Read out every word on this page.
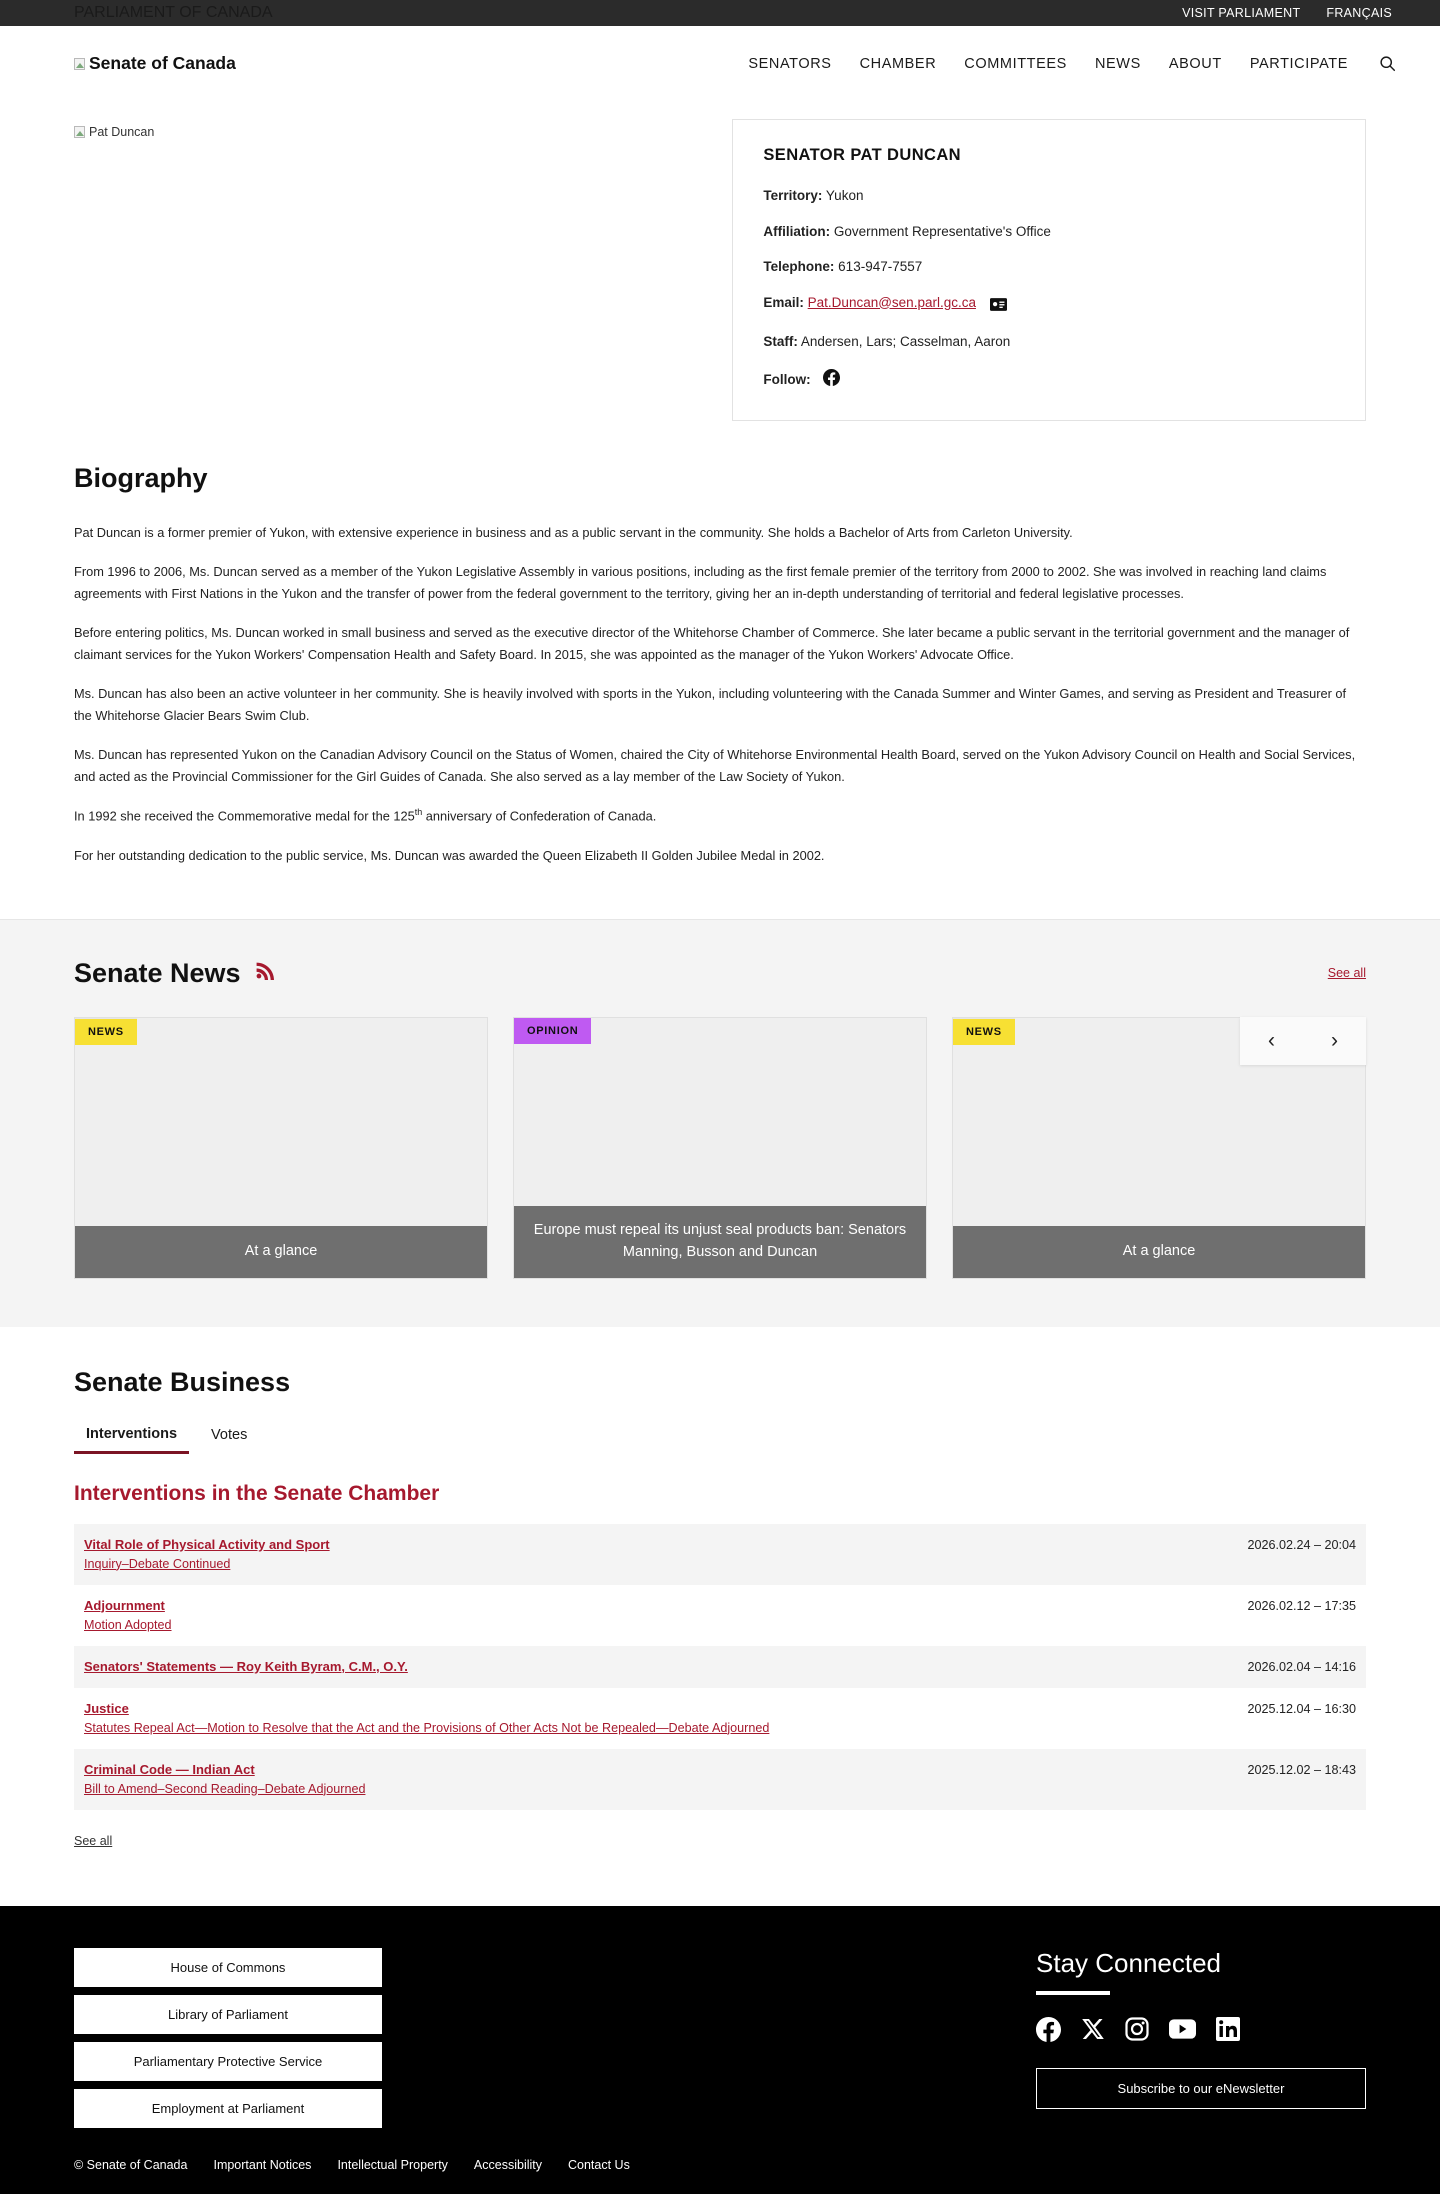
PARLIAMENT OF CANADA	VISIT PARLIAMENT FRANÇAIS
Senate of Canada	SENATORS	CHAMBER	COMMITTEES	NEWS	ABOUT	PARTICIPATE
Pat Duncan
SENATOR PAT DUNCAN
Territory: Yukon
Affiliation: Government Representative's Office
Telephone: 613-947-7557
Email: Pat.Duncan@sen.parl.gc.ca
Staff: Andersen, Lars; Casselman, Aaron
Follow:
Biography

Pat Duncan is a former premier of Yukon, with extensive experience in business and as a public servant in the community. She holds a Bachelor of Arts from Carleton University.

From 1996 to 2006, Ms. Duncan served as a member of the Yukon Legislative Assembly in various positions, including as the first female premier of the territory from 2000 to 2002. She was involved in reaching land claims agreements with First Nations in the Yukon and the transfer of power from the federal government to the territory, giving her an in-depth understanding of territorial and federal legislative processes.

Before entering politics, Ms. Duncan worked in small business and served as the executive director of the Whitehorse Chamber of Commerce. She later became a public servant in the territorial government and the manager of claimant services for the Yukon Workers' Compensation Health and Safety Board. In 2015, she was appointed as the manager of the Yukon Workers' Advocate Office.

Ms. Duncan has also been an active volunteer in her community. She is heavily involved with sports in the Yukon, including volunteering with the Canada Summer and Winter Games, and serving as President and Treasurer of the Whitehorse Glacier Bears Swim Club.

Ms. Duncan has represented Yukon on the Canadian Advisory Council on the Status of Women, chaired the City of Whitehorse Environmental Health Board, served on the Yukon Advisory Council on Health and Social Services, and acted as the Provincial Commissioner for the Girl Guides of Canada. She also served as a lay member of the Law Society of Yukon.

In 1992 she received the Commemorative medal for the 125th anniversary of Confederation of Canada.

For her outstanding dedication to the public service, Ms. Duncan was awarded the Queen Elizabeth II Golden Jubilee Medal in 2002.

Senate News	See all
NEWS
At a glance
OPINION
Europe must repeal its unjust seal products ban: Senators Manning, Busson and Duncan
NEWS
At a glance
‹	›
Senate Business
Interventions	Votes
Interventions in the Senate Chamber
Vital Role of Physical Activity and Sport
Inquiry–Debate Continued
2026.02.24 – 20:04
Adjournment
Motion Adopted
2026.02.12 – 17:35
Senators' Statements — Roy Keith Byram, C.M., O.Y.	2026.02.04 – 14:16
Justice
Statutes Repeal Act—Motion to Resolve that the Act and the Provisions of Other Acts Not be Repealed—Debate Adjourned
2025.12.04 – 16:30
Criminal Code — Indian Act
Bill to Amend–Second Reading–Debate Adjourned
2025.12.02 – 18:43
See all
House of Commons
Library of Parliament
Parliamentary Protective Service
Employment at Parliament
Stay Connected
Subscribe to our eNewsletter
© Senate of Canada Important Notices Intellectual Property Accessibility Contact Us
